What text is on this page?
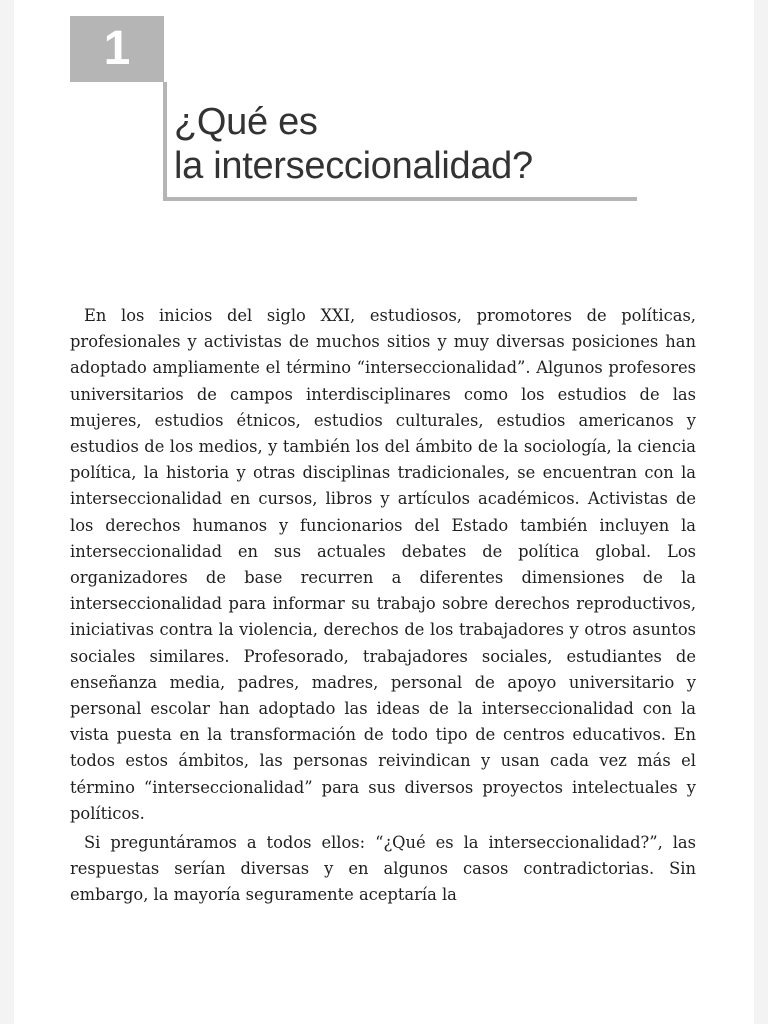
1
¿Qué es
la interseccionalidad?

En los inicios del siglo XXI, estudiosos, promotores de políticas, profesionales y activistas de muchos sitios y muy diversas posiciones han adoptado ampliamente el término “interseccionalidad”. Algunos profesores universitarios de campos interdisciplinares como los estudios de las mujeres, estudios étnicos, estudios culturales, estudios americanos y estudios de los medios, y también los del ámbito de la sociología, la ciencia política, la historia y otras disciplinas tradicionales, se encuentran con la interseccionalidad en cursos, libros y artículos académicos. Activistas de los derechos humanos y funcionarios del Estado también incluyen la interseccionalidad en sus actuales debates de política global. Los organizadores de base recurren a diferentes dimensiones de la interseccionalidad para informar su trabajo sobre derechos reproductivos, iniciativas contra la violencia, derechos de los trabajadores y otros asuntos sociales similares. Profesorado, trabajadores sociales, estudiantes de enseñanza media, padres, madres, personal de apoyo universitario y personal escolar han adoptado las ideas de la interseccionalidad con la vista puesta en la transformación de todo tipo de centros educativos. En todos estos ámbitos, las personas reivindican y usan cada vez más el término “interseccionalidad” para sus diversos proyectos intelectuales y políticos.

Si preguntáramos a todos ellos: “¿Qué es la interseccionalidad?”, las respuestas serían diversas y en algunos casos contradictorias. Sin embargo, la mayoría seguramente aceptaría la
